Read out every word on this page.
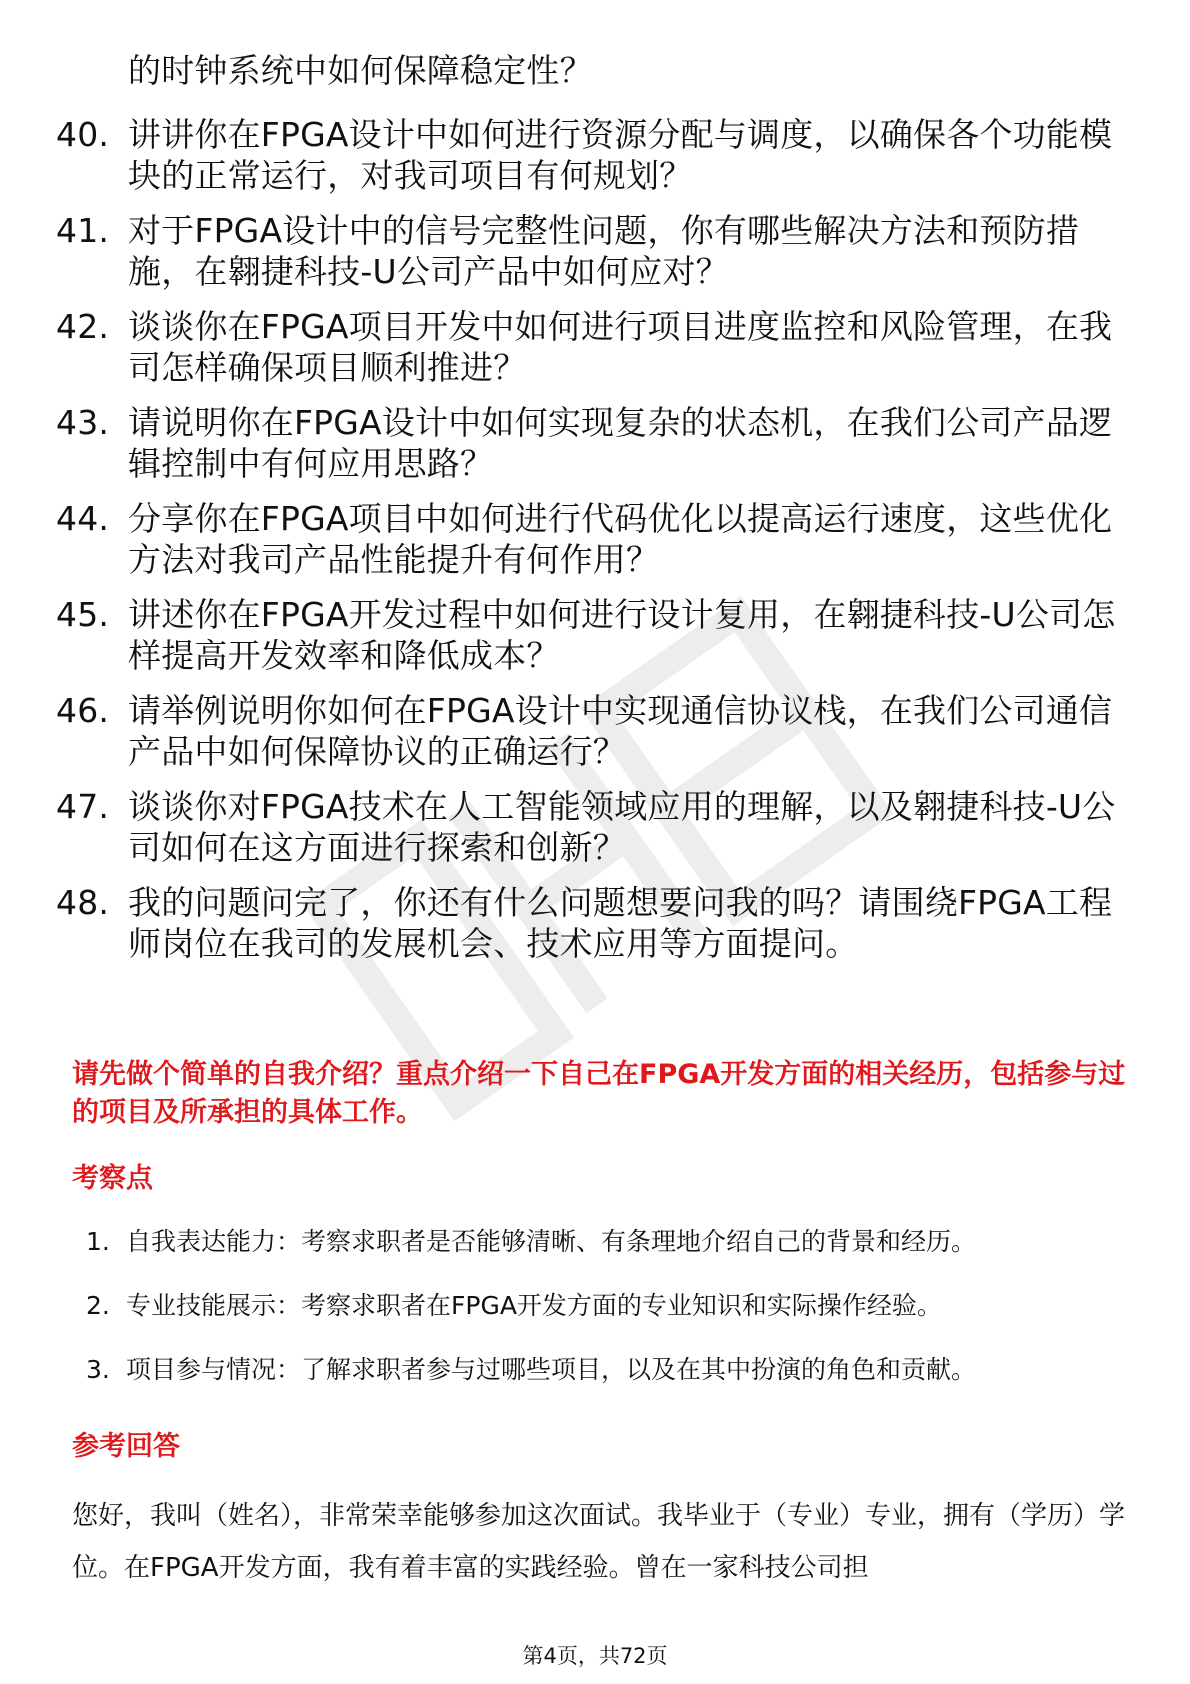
的时钟系统中如何保障稳定性？
40. 讲讲你在FPGA设计中如何进行资源分配与调度，以确保各个功能模块的正常运行，对我司项目有何规划？
41. 对于FPGA设计中的信号完整性问题，你有哪些解决方法和预防措施，在翱捷科技-U公司产品中如何应对？
42. 谈谈你在FPGA项目开发中如何进行项目进度监控和风险管理，在我司怎样确保项目顺利推进？
43. 请说明你在FPGA设计中如何实现复杂的状态机，在我们公司产品逻辑控制中有何应用思路？
44. 分享你在FPGA项目中如何进行代码优化以提高运行速度，这些优化方法对我司产品性能提升有何作用？
45. 讲述你在FPGA开发过程中如何进行设计复用，在翱捷科技-U公司怎样提高开发效率和降低成本？
46. 请举例说明你如何在FPGA设计中实现通信协议栈，在我们公司通信产品中如何保障协议的正确运行？
47. 谈谈你对FPGA技术在人工智能领域应用的理解，以及翱捷科技-U公司如何在这方面进行探索和创新？
48. 我的问题问完了，你还有什么问题想要问我的吗？请围绕FPGA工程师岗位在我司的发展机会、技术应用等方面提问。
请先做个简单的自我介绍？重点介绍一下自己在FPGA开发方面的相关经历，包括参与过的项目及所承担的具体工作。
考察点
1. 自我表达能力：考察求职者是否能够清晰、有条理地介绍自己的背景和经历。
2. 专业技能展示：考察求职者在FPGA开发方面的专业知识和实际操作经验。
3. 项目参与情况：了解求职者参与过哪些项目，以及在其中扮演的角色和贡献。
参考回答
您好，我叫（姓名），非常荣幸能够参加这次面试。我毕业于（专业）专业，拥有（学历）学位。在FPGA开发方面，我有着丰富的实践经验。曾在一家科技公司担
第4页，共72页
